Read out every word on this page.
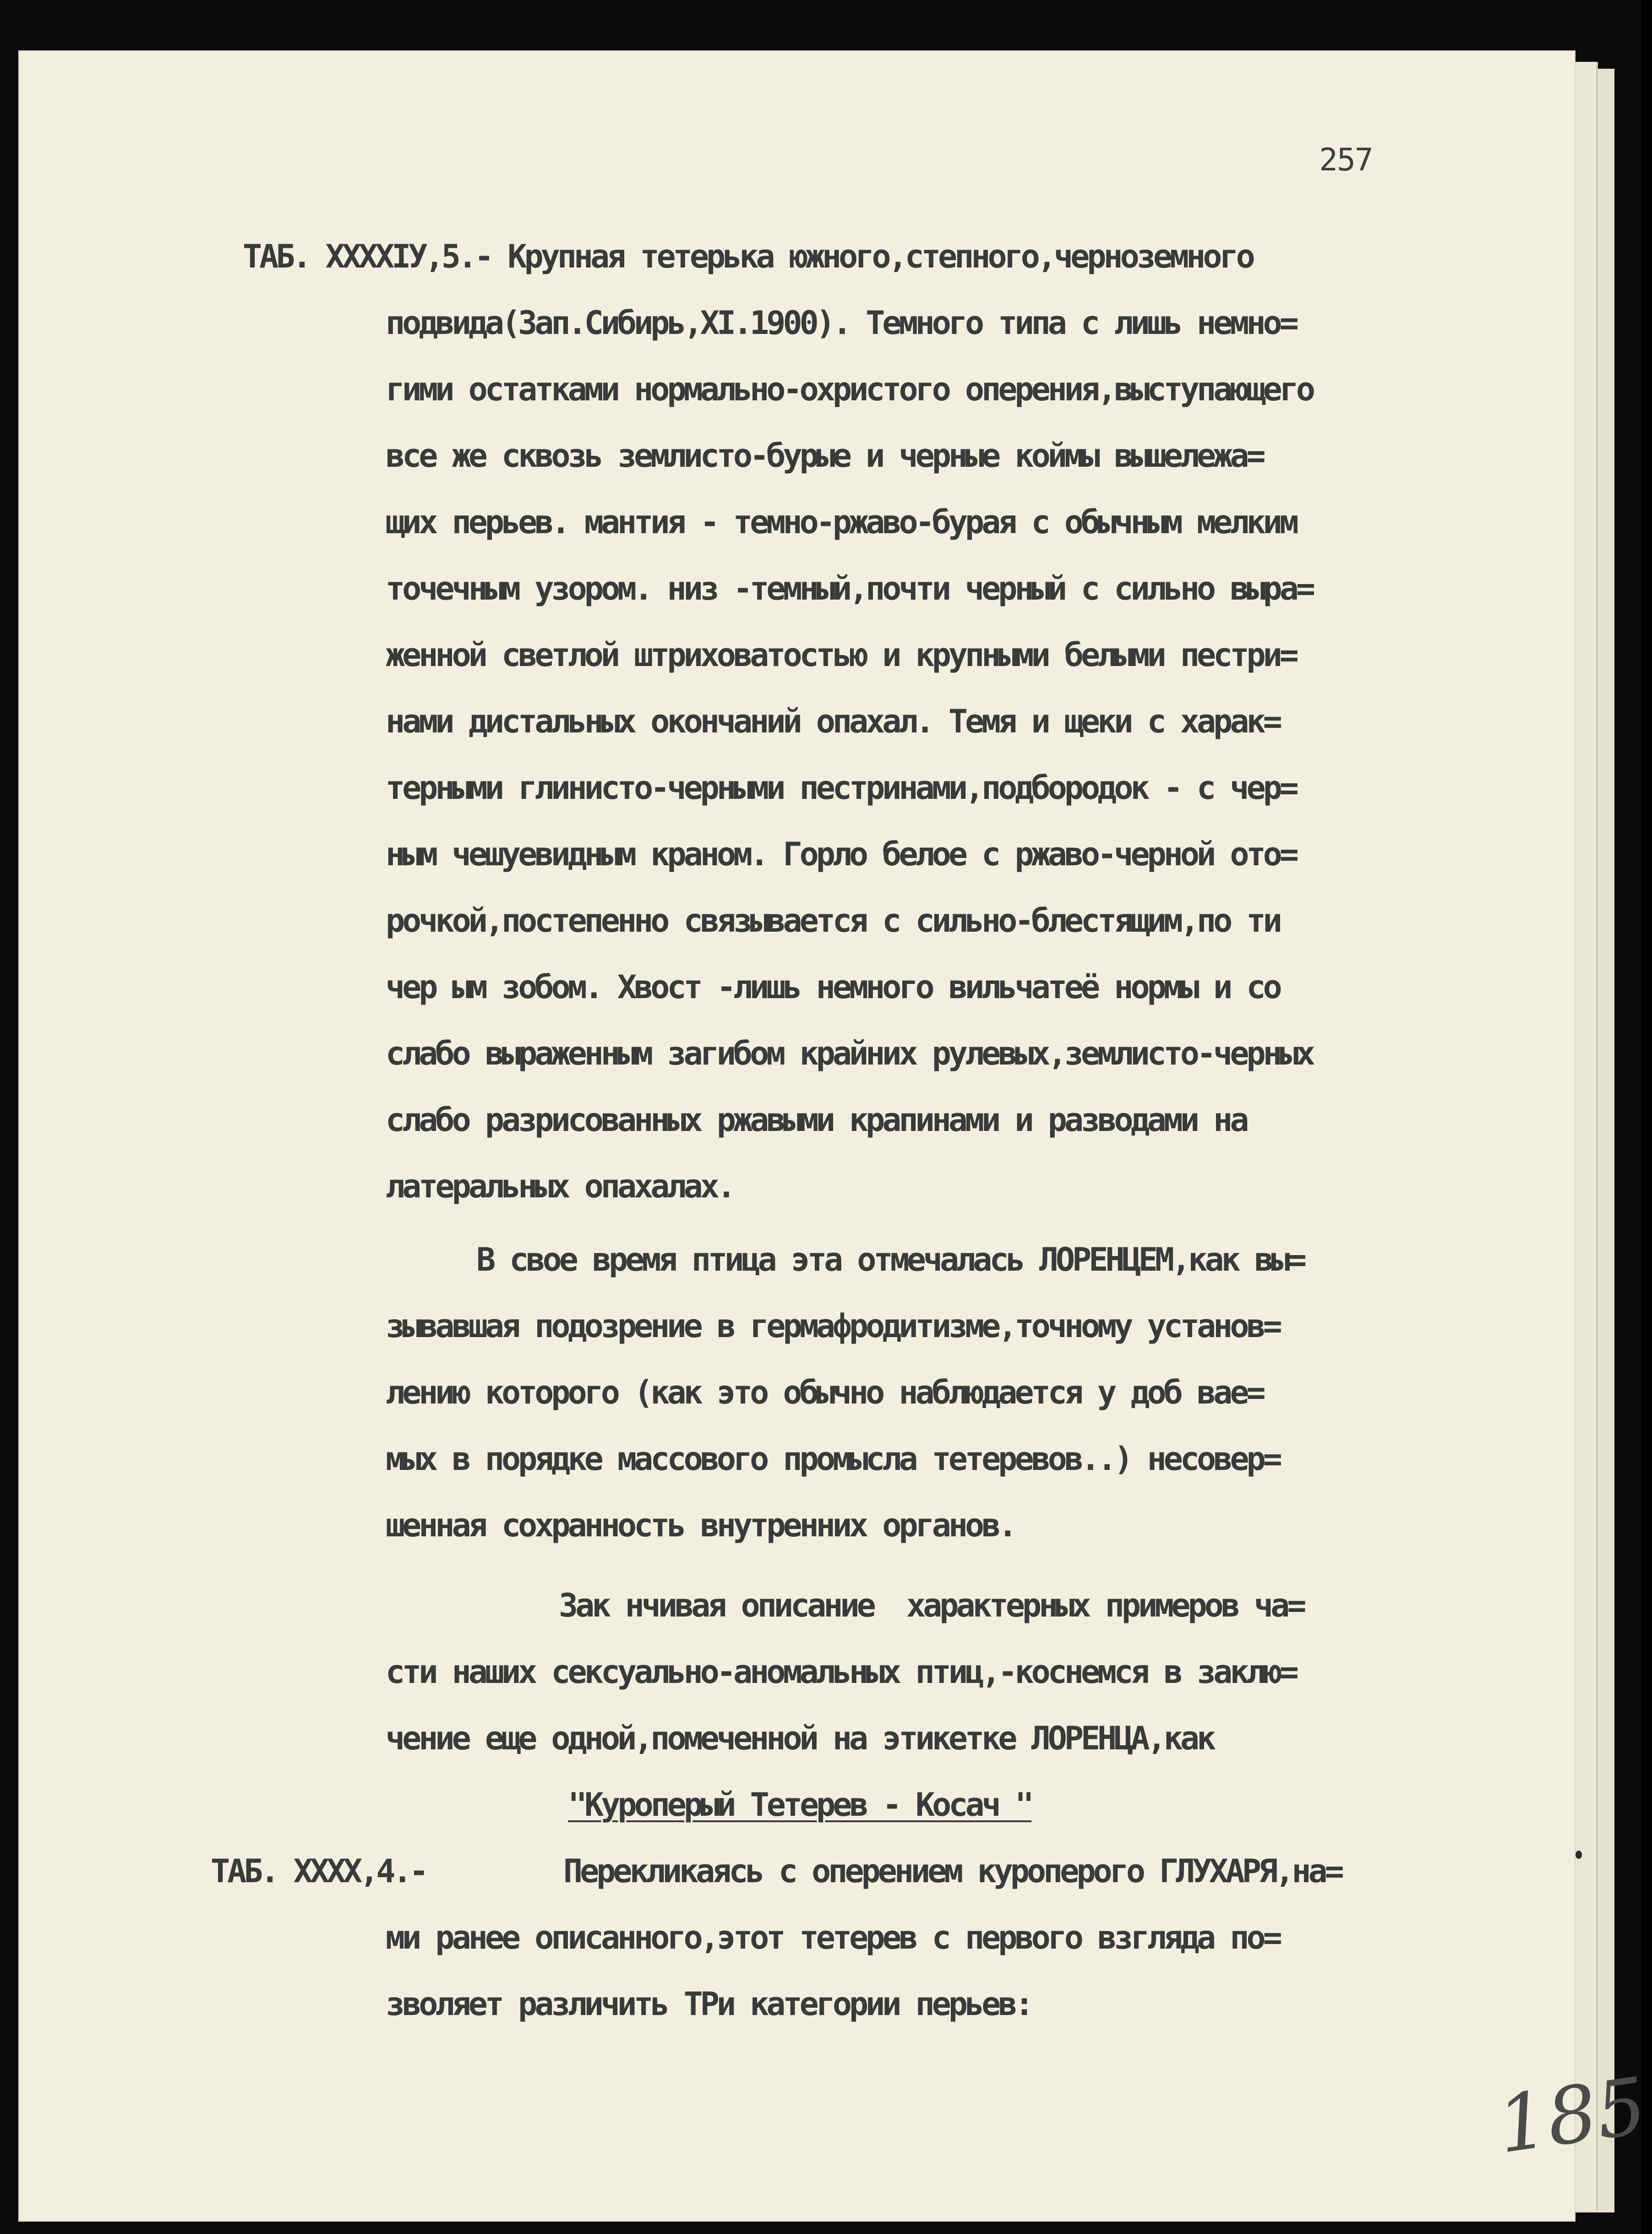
257
ТАБ. XXXXIУ,5.- Крупная тетерька южного,степного,черноземного
подвида(Зап.Сибирь,XI.1900). Темного типа с лишь немно=
гими остатками нормально-охристого оперения,выступающего
все же сквозь землисто-бурые и черные коймы вышележа=
щих перьев. мантия - темно-ржаво-бурая с обычным мелким
точечным узором. низ -темный,почти черный с сильно выра=
женной светлой штриховатостью и крупными белыми пестри=
нами дистальных окончаний опахал. Темя и щеки с харак=
терными глинисто-черными пестринами,подбородок - с чер=
ным чешуевидным краном. Горло белое с ржаво-черной ото=
рочкой,постепенно связывается с сильно-блестящим,по ти
чер ым зобом. Хвост -лишь немного вильчатеё нормы и со
слабо выраженным загибом крайних рулевых,землисто-черных
слабо разрисованных ржавыми крапинами и разводами на
латеральных опахалах.
В свое время птица эта отмечалась ЛОРЕНЦЕМ,как вы=
зывавшая подозрение в гермафродитизме,точному установ=
лению которого (как это обычно наблюдается у доб вае=
мых в порядке массового промысла тетеревов..) несовер=
шенная сохранность внутренних органов.
Зак нчивая описание  характерных примеров ча=
сти наших сексуально-аномальных птиц,-коснемся в заклю=
чение еще одной,помеченной на этикетке ЛОРЕНЦА,как
"Куроперый Тетерев - Косач "
ТАБ. XXXX,4.-	Перекликаясь с оперением куроперого ГЛУХАРЯ,на=
ми ранее описанного,этот тетерев с первого взгляда по=
зволяет различить ТРи категории перьев:
185
